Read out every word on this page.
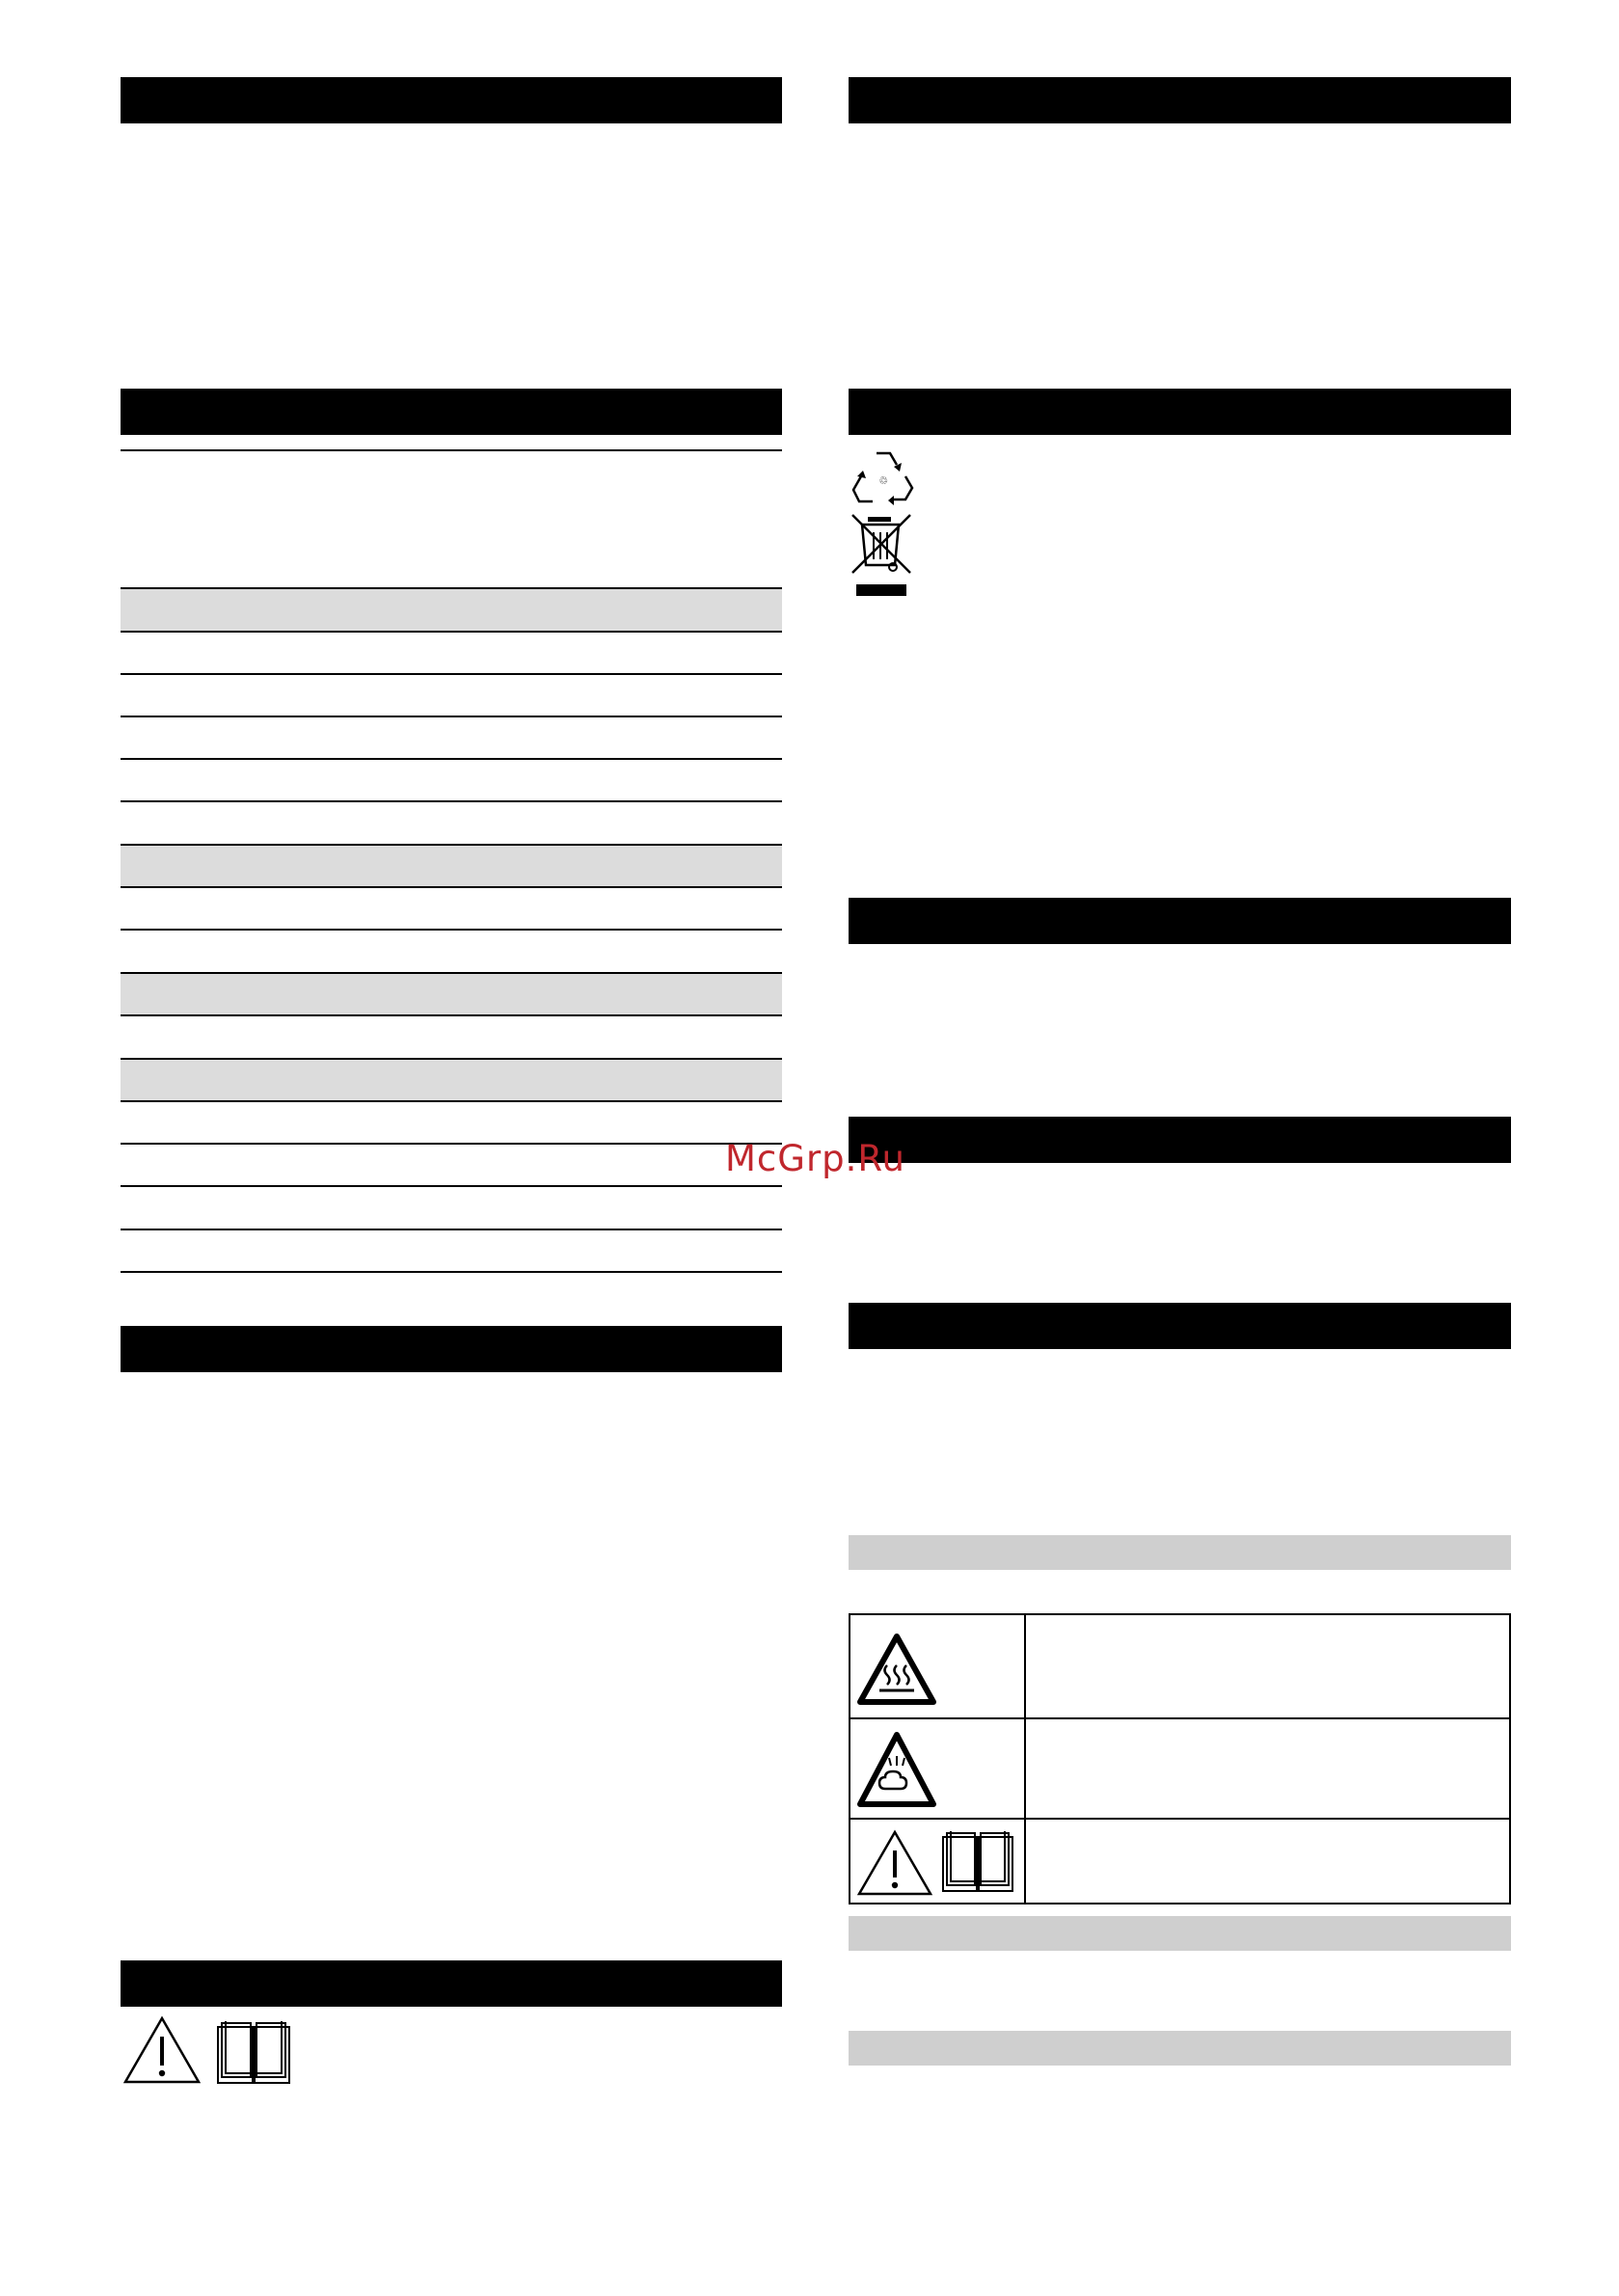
♲
McGrp.Ru
